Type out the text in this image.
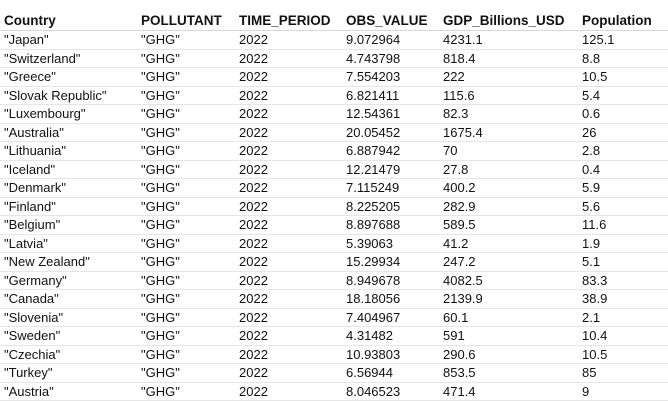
Country	POLLUTANT	TIME_PERIOD	OBS_VALUE	GDP_Billions_USD	Population
"Japan"	"GHG"	2022	9.072964	4231.1	125.1
"Switzerland"	"GHG"	2022	4.743798	818.4	8.8
"Greece"	"GHG"	2022	7.554203	222	10.5
"Slovak Republic"	"GHG"	2022	6.821411	115.6	5.4
"Luxembourg"	"GHG"	2022	12.54361	82.3	0.6
"Australia"	"GHG"	2022	20.05452	1675.4	26
"Lithuania"	"GHG"	2022	6.887942	70	2.8
"Iceland"	"GHG"	2022	12.21479	27.8	0.4
"Denmark"	"GHG"	2022	7.115249	400.2	5.9
"Finland"	"GHG"	2022	8.225205	282.9	5.6
"Belgium"	"GHG"	2022	8.897688	589.5	11.6
"Latvia"	"GHG"	2022	5.39063	41.2	1.9
"New Zealand"	"GHG"	2022	15.29934	247.2	5.1
"Germany"	"GHG"	2022	8.949678	4082.5	83.3
"Canada"	"GHG"	2022	18.18056	2139.9	38.9
"Slovenia"	"GHG"	2022	7.404967	60.1	2.1
"Sweden"	"GHG"	2022	4.31482	591	10.4
"Czechia"	"GHG"	2022	10.93803	290.6	10.5
"Turkey"	"GHG"	2022	6.56944	853.5	85
"Austria"	"GHG"	2022	8.046523	471.4	9
